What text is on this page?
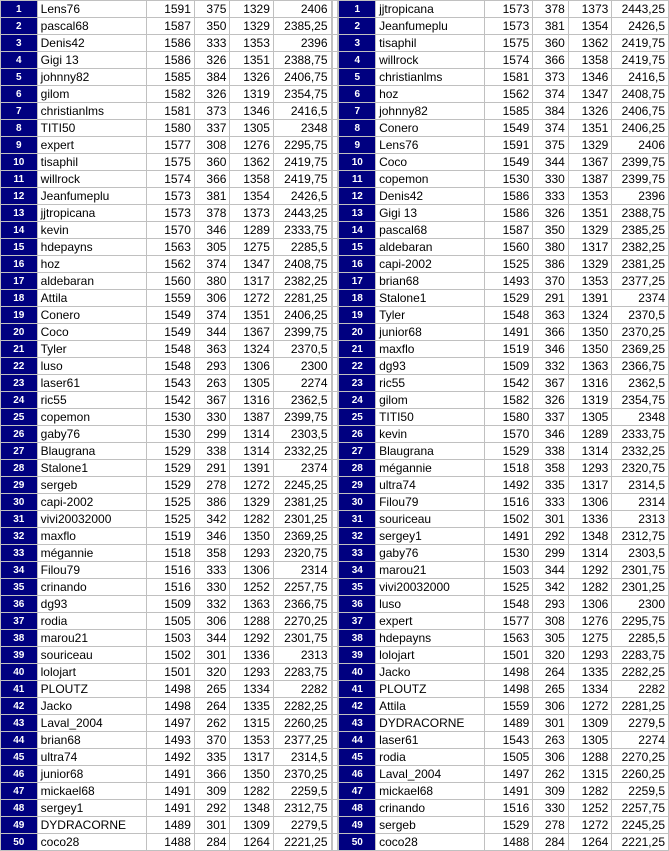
1	Lens76	1591	375	1329	2406
2	pascal68	1587	350	1329	2385,25
3	Denis42	1586	333	1353	2396
4	Gigi 13	1586	326	1351	2388,75
5	johnny82	1585	384	1326	2406,75
6	gilom	1582	326	1319	2354,75
7	christianlms	1581	373	1346	2416,5
8	TITI50	1580	337	1305	2348
9	expert	1577	308	1276	2295,75
10	tisaphil	1575	360	1362	2419,75
11	willrock	1574	366	1358	2419,75
12	Jeanfumeplu	1573	381	1354	2426,5
13	jjtropicana	1573	378	1373	2443,25
14	kevin	1570	346	1289	2333,75
15	hdepayns	1563	305	1275	2285,5
16	hoz	1562	374	1347	2408,75
17	aldebaran	1560	380	1317	2382,25
18	Attila	1559	306	1272	2281,25
19	Conero	1549	374	1351	2406,25
20	Coco	1549	344	1367	2399,75
21	Tyler	1548	363	1324	2370,5
22	luso	1548	293	1306	2300
23	laser61	1543	263	1305	2274
24	ric55	1542	367	1316	2362,5
25	copemon	1530	330	1387	2399,75
26	gaby76	1530	299	1314	2303,5
27	Blaugrana	1529	338	1314	2332,25
28	Stalone1	1529	291	1391	2374
29	sergeb	1529	278	1272	2245,25
30	capi-2002	1525	386	1329	2381,25
31	vivi20032000	1525	342	1282	2301,25
32	maxflo	1519	346	1350	2369,25
33	mégannie	1518	358	1293	2320,75
34	Filou79	1516	333	1306	2314
35	crinando	1516	330	1252	2257,75
36	dg93	1509	332	1363	2366,75
37	rodia	1505	306	1288	2270,25
38	marou21	1503	344	1292	2301,75
39	souriceau	1502	301	1336	2313
40	lolojart	1501	320	1293	2283,75
41	PLOUTZ	1498	265	1334	2282
42	Jacko	1498	264	1335	2282,25
43	Laval_2004	1497	262	1315	2260,25
44	brian68	1493	370	1353	2377,25
45	ultra74	1492	335	1317	2314,5
46	junior68	1491	366	1350	2370,25
47	mickael68	1491	309	1282	2259,5
48	sergey1	1491	292	1348	2312,75
49	DYDRACORNE	1489	301	1309	2279,5
50	coco28	1488	284	1264	2221,25

1	jjtropicana	1573	378	1373	2443,25
2	Jeanfumeplu	1573	381	1354	2426,5
3	tisaphil	1575	360	1362	2419,75
4	willrock	1574	366	1358	2419,75
5	christianlms	1581	373	1346	2416,5
6	hoz	1562	374	1347	2408,75
7	johnny82	1585	384	1326	2406,75
8	Conero	1549	374	1351	2406,25
9	Lens76	1591	375	1329	2406
10	Coco	1549	344	1367	2399,75
11	copemon	1530	330	1387	2399,75
12	Denis42	1586	333	1353	2396
13	Gigi 13	1586	326	1351	2388,75
14	pascal68	1587	350	1329	2385,25
15	aldebaran	1560	380	1317	2382,25
16	capi-2002	1525	386	1329	2381,25
17	brian68	1493	370	1353	2377,25
18	Stalone1	1529	291	1391	2374
19	Tyler	1548	363	1324	2370,5
20	junior68	1491	366	1350	2370,25
21	maxflo	1519	346	1350	2369,25
22	dg93	1509	332	1363	2366,75
23	ric55	1542	367	1316	2362,5
24	gilom	1582	326	1319	2354,75
25	TITI50	1580	337	1305	2348
26	kevin	1570	346	1289	2333,75
27	Blaugrana	1529	338	1314	2332,25
28	mégannie	1518	358	1293	2320,75
29	ultra74	1492	335	1317	2314,5
30	Filou79	1516	333	1306	2314
31	souriceau	1502	301	1336	2313
32	sergey1	1491	292	1348	2312,75
33	gaby76	1530	299	1314	2303,5
34	marou21	1503	344	1292	2301,75
35	vivi20032000	1525	342	1282	2301,25
36	luso	1548	293	1306	2300
37	expert	1577	308	1276	2295,75
38	hdepayns	1563	305	1275	2285,5
39	lolojart	1501	320	1293	2283,75
40	Jacko	1498	264	1335	2282,25
41	PLOUTZ	1498	265	1334	2282
42	Attila	1559	306	1272	2281,25
43	DYDRACORNE	1489	301	1309	2279,5
44	laser61	1543	263	1305	2274
45	rodia	1505	306	1288	2270,25
46	Laval_2004	1497	262	1315	2260,25
47	mickael68	1491	309	1282	2259,5
48	crinando	1516	330	1252	2257,75
49	sergeb	1529	278	1272	2245,25
50	coco28	1488	284	1264	2221,25
